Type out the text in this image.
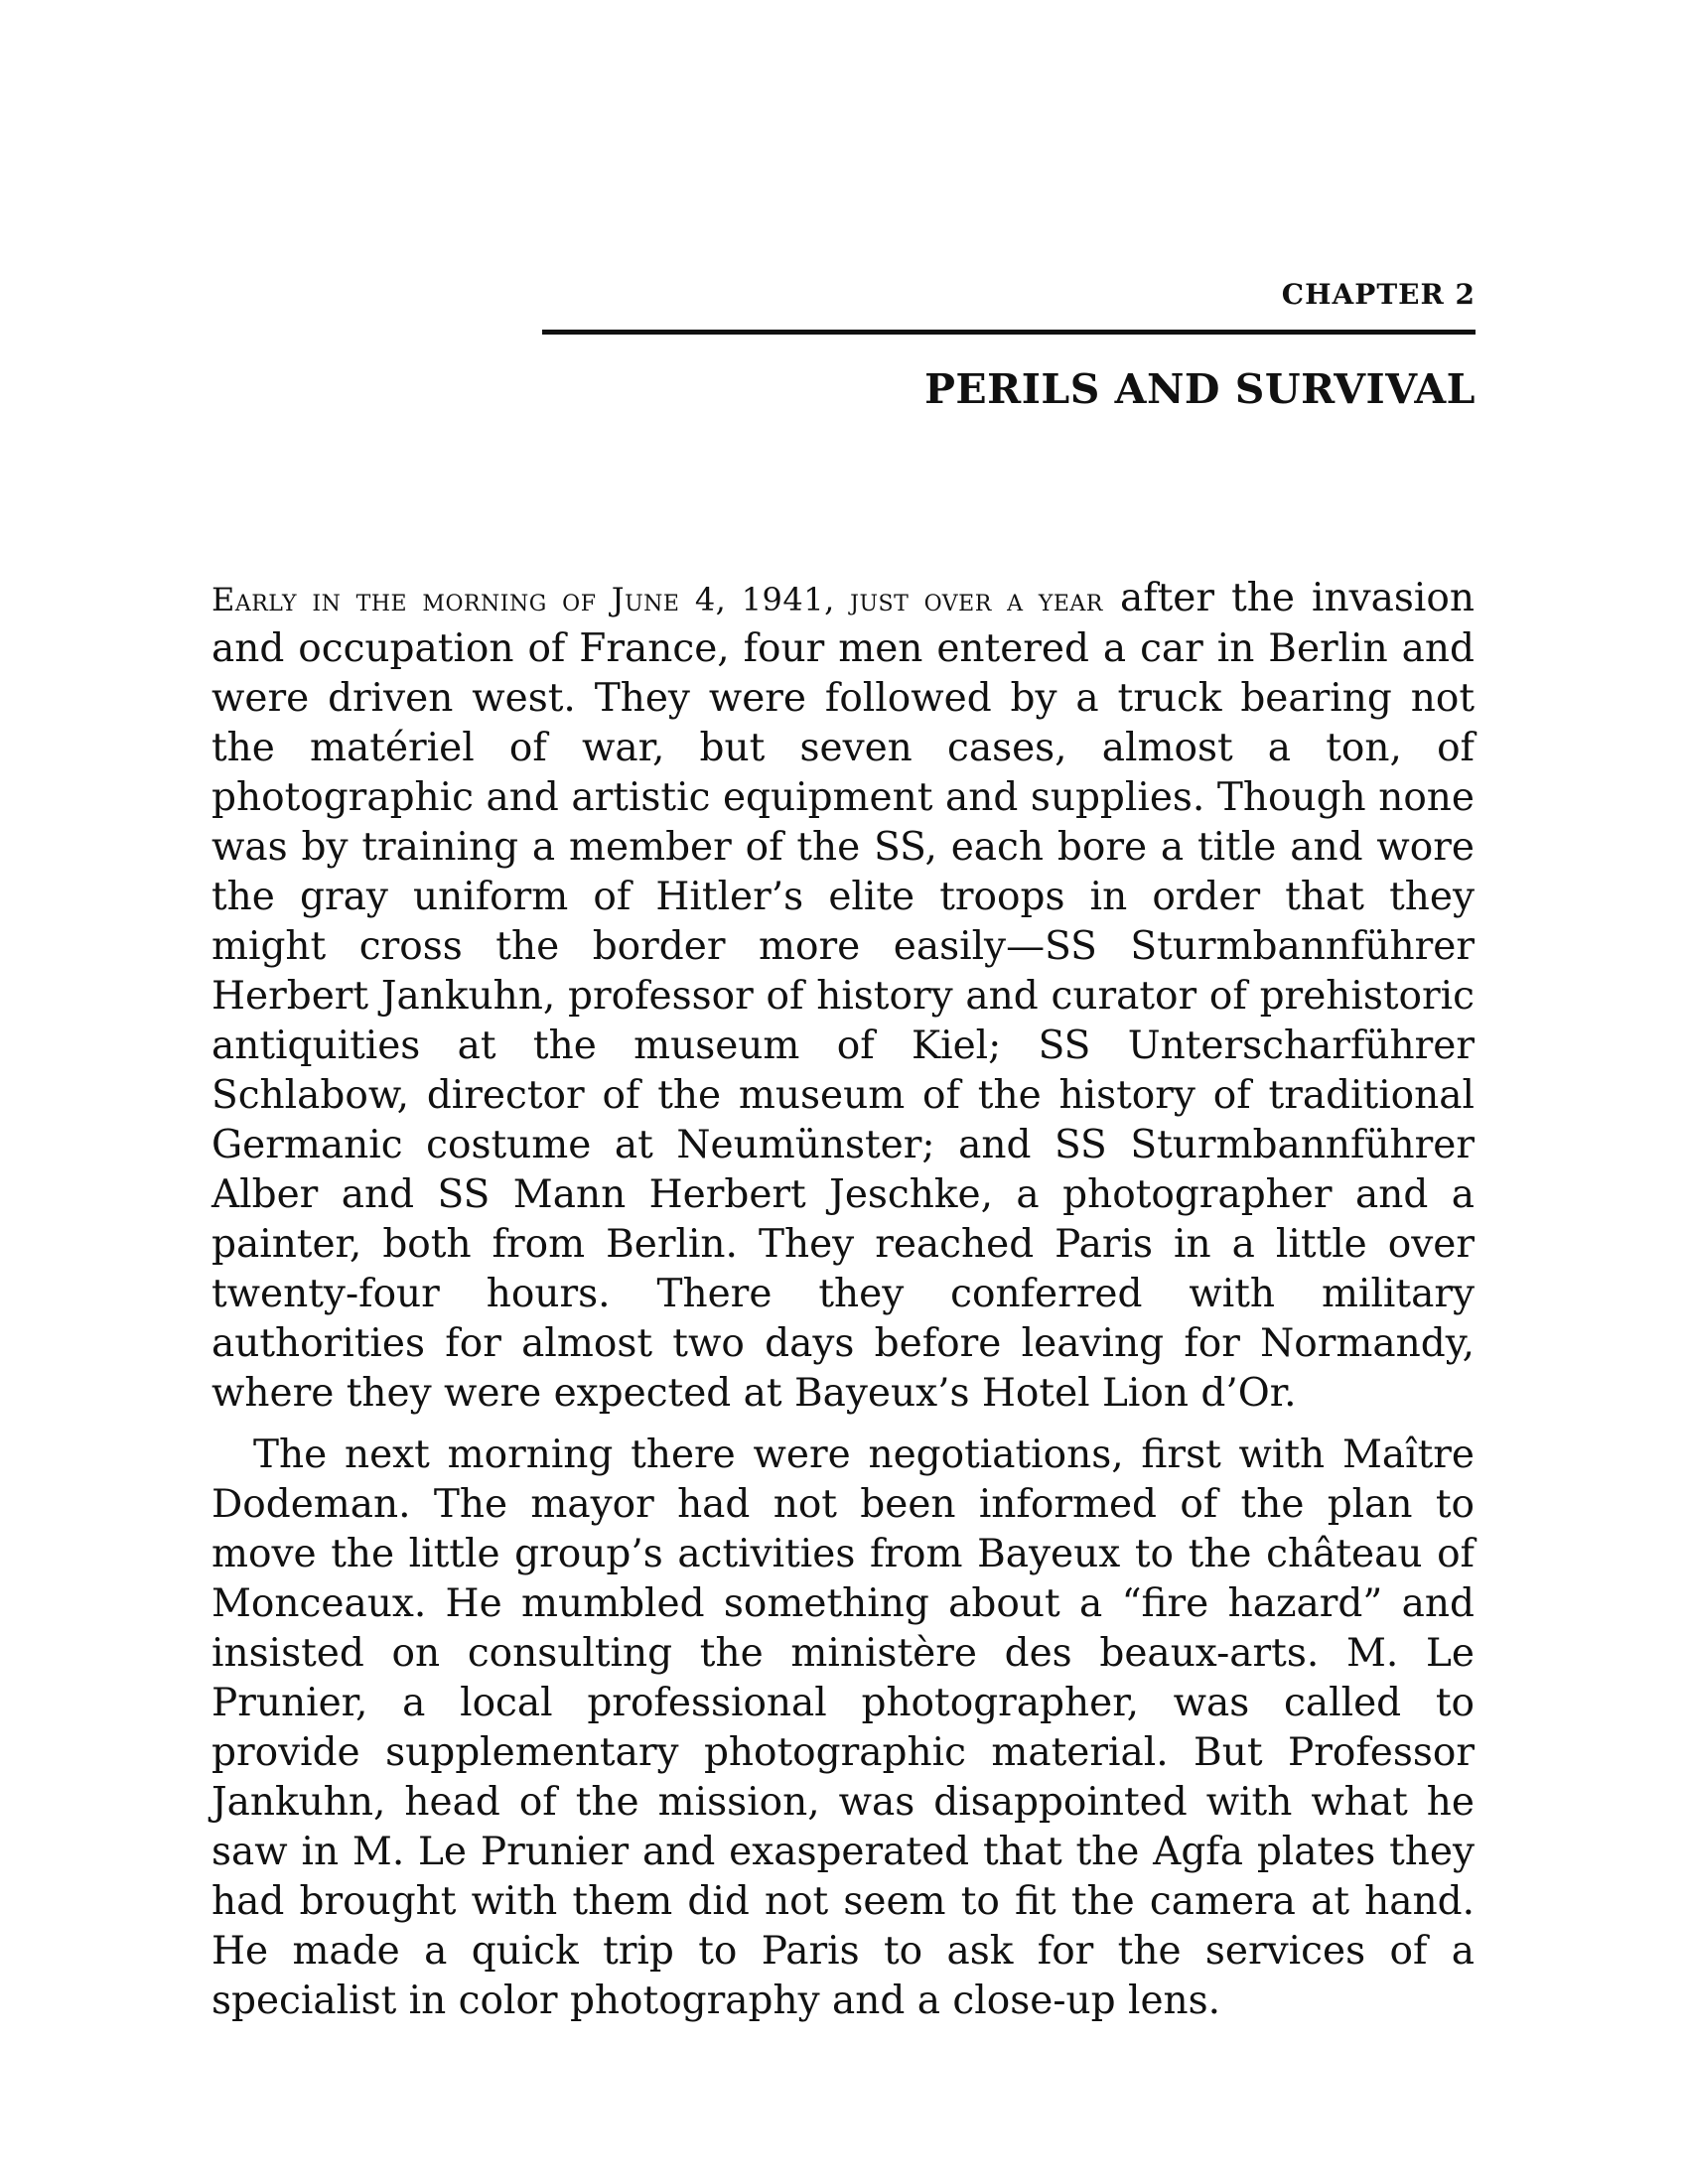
CHAPTER 2

PERILS AND SURVIVAL

Early in the morning of June 4, 1941, just over a year after the invasion and occupation of France, four men entered a car in Berlin and were driven west. They were followed by a truck bearing not the matériel of war, but seven cases, almost a ton, of photographic and artistic equipment and supplies. Though none was by training a member of the SS, each bore a title and wore the gray uniform of Hitler’s elite troops in order that they might cross the border more easily—SS Sturmbannführer Herbert Jankuhn, professor of history and curator of prehistoric antiquities at the museum of Kiel; SS Unterscharführer Schlabow, director of the museum of the history of traditional Germanic costume at Neumünster; and SS Sturmbannführer Alber and SS Mann Herbert Jeschke, a photographer and a painter, both from Berlin. They reached Paris in a little over twenty-four hours. There they conferred with military authorities for almost two days before leaving for Normandy, where they were expected at Bayeux’s Hotel Lion d’Or.

The next morning there were negotiations, first with Maître Dodeman. The mayor had not been informed of the plan to move the little group’s activities from Bayeux to the château of Monceaux. He mumbled something about a “fire hazard” and insisted on consulting the ministère des beaux-arts. M. Le Prunier, a local professional photographer, was called to provide supplementary photographic material. But Professor Jankuhn, head of the mission, was disappointed with what he saw in M. Le Prunier and exasperated that the Agfa plates they had brought with them did not seem to fit the camera at hand. He made a quick trip to Paris to ask for the services of a specialist in color photography and a close-up lens.
